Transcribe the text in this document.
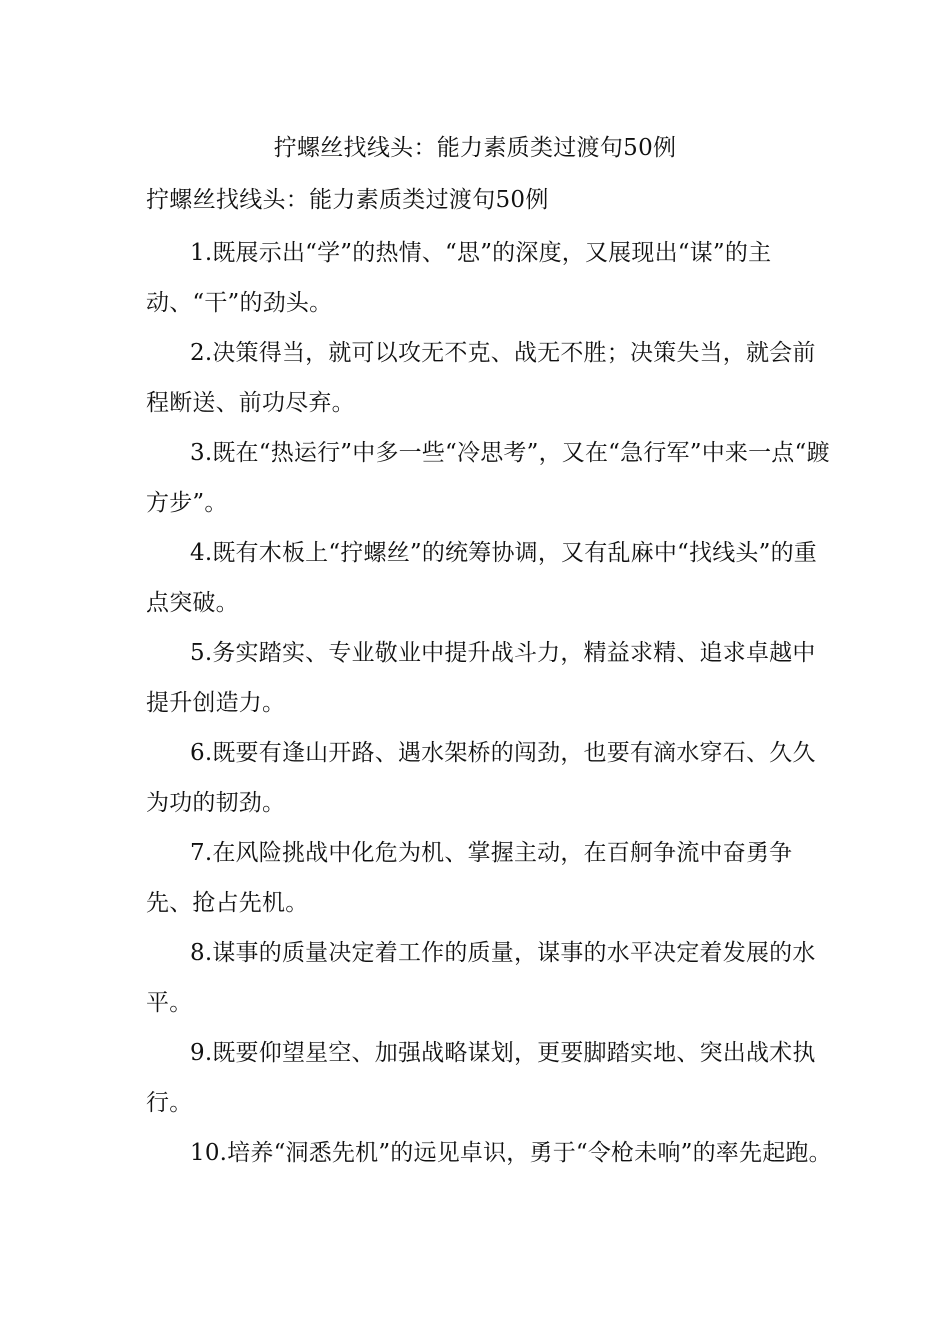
拧螺丝找线头：能力素质类过渡句50例
拧螺丝找线头：能力素质类过渡句50例

1.既展示出“学”的热情、“思”的深度，又展现出“谋”的主动、“干”的劲头。

2.决策得当，就可以攻无不克、战无不胜；决策失当，就会前程断送、前功尽弃。

3.既在“热运行”中多一些“冷思考”，又在“急行军”中来一点“踱方步”。

4.既有木板上“拧螺丝”的统筹协调，又有乱麻中“找线头”的重点突破。

5.务实踏实、专业敬业中提升战斗力，精益求精、追求卓越中提升创造力。

6.既要有逢山开路、遇水架桥的闯劲，也要有滴水穿石、久久为功的韧劲。

7.在风险挑战中化危为机、掌握主动，在百舸争流中奋勇争先、抢占先机。

8.谋事的质量决定着工作的质量，谋事的水平决定着发展的水平。

9.既要仰望星空、加强战略谋划，更要脚踏实地、突出战术执行。

10.培养“洞悉先机”的远见卓识，勇于“令枪未响”的率先起跑。
